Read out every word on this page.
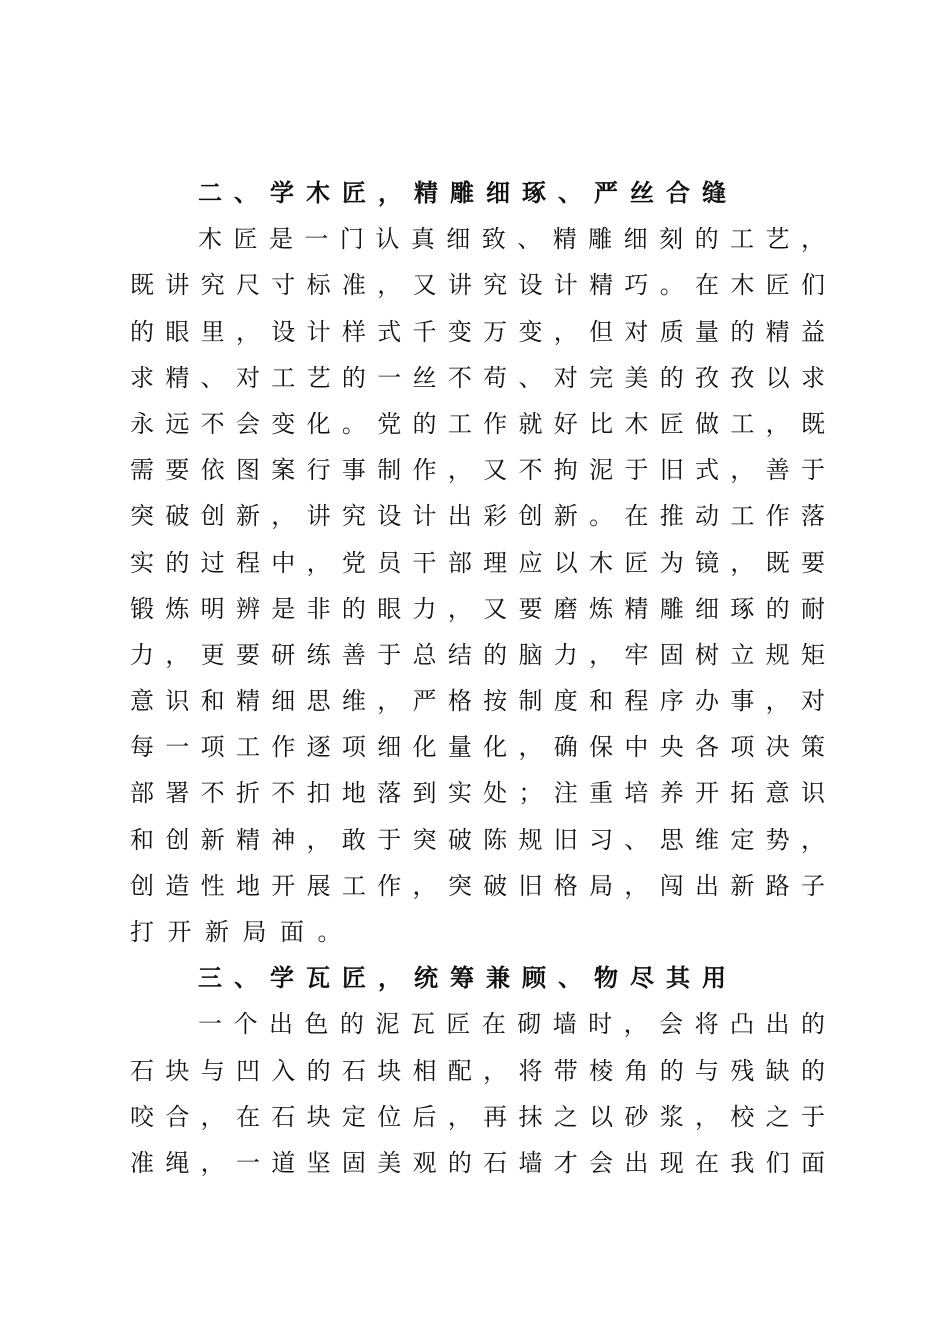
二、学木匠，精雕细琢、严丝合缝
木 匠 是 一 门 认 真 细 致 、 精 雕 细 刻 的 工 艺 ，
既 讲 究 尺 寸 标 准 ， 又 讲 究 设 计 精 巧 。 在 木 匠 们
的 眼 里 ， 设 计 样 式 千 变 万 变 ， 但 对 质 量 的 精 益
求 精 、 对 工 艺 的 一 丝 不 苟 、 对 完 美 的 孜 孜 以 求
永 远 不 会 变 化 。 党 的 工 作 就 好 比 木 匠 做 工 ， 既
需 要 依 图 案 行 事 制 作 ， 又 不 拘 泥 于 旧 式 ， 善 于
突 破 创 新 ， 讲 究 设 计 出 彩 创 新 。 在 推 动 工 作 落
实 的 过 程 中 ， 党 员 干 部 理 应 以 木 匠 为 镜 ， 既 要
锻 炼 明 辨 是 非 的 眼 力 ， 又 要 磨 炼 精 雕 细 琢 的 耐
力 ， 更 要 研 练 善 于 总 结 的 脑 力 ， 牢 固 树 立 规 矩
意 识 和 精 细 思 维 ， 严 格 按 制 度 和 程 序 办 事 ， 对
每 一 项 工 作 逐 项 细 化 量 化 ， 确 保 中 央 各 项 决 策
部 署 不 折 不 扣 地 落 到 实 处 ； 注 重 培 养 开 拓 意 识
和 创 新 精 神 ， 敢 于 突 破 陈 规 旧 习 、 思 维 定 势 ，
创 造 性 地 开 展 工 作 ， 突 破 旧 格 局 ， 闯 出 新 路 子
打 开 新 局 面 。
三、学瓦匠，统筹兼顾、物尽其用
一 个 出 色 的 泥 瓦 匠 在 砌 墙 时 ， 会 将 凸 出 的
石 块 与 凹 入 的 石 块 相 配 ， 将 带 棱 角 的 与 残 缺 的
咬 合 ， 在 石 块 定 位 后 ， 再 抹 之 以 砂 浆 ， 校 之 于
准 绳 ， 一 道 坚 固 美 观 的 石 墙 才 会 出 现 在 我 们 面
